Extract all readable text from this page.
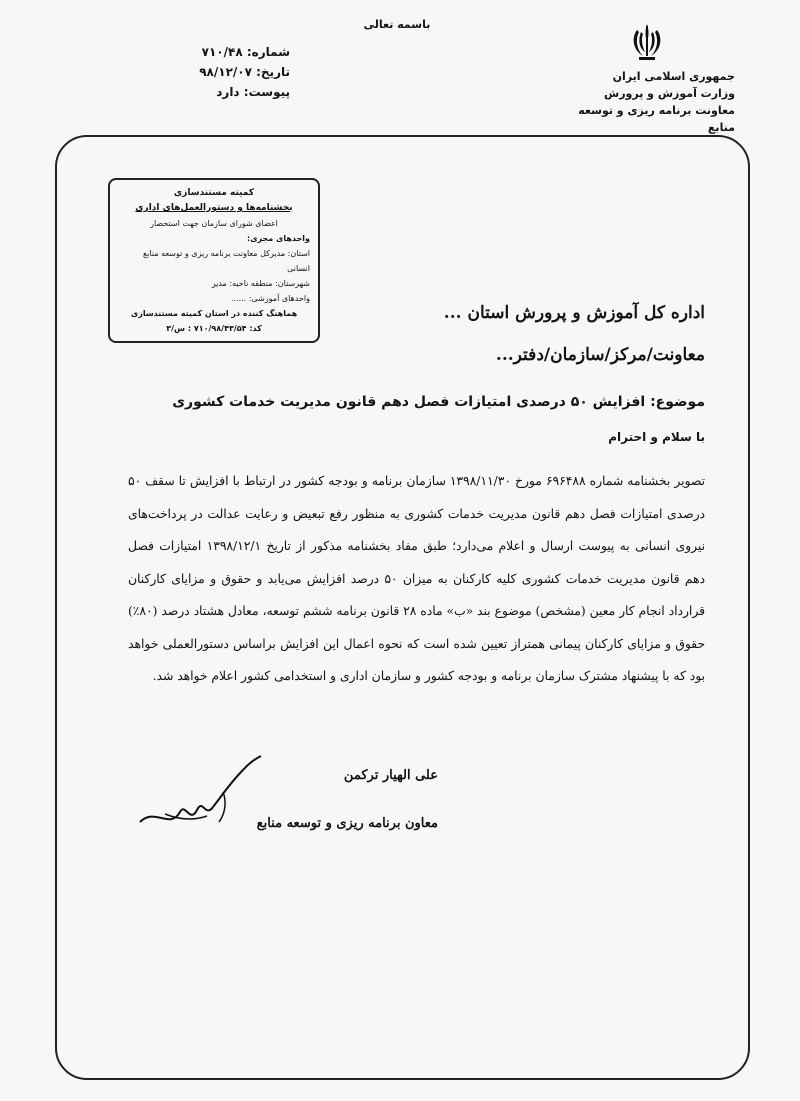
باسمه تعالی
جمهوری اسلامی ایران
وزارت آموزش و پرورش
معاونت برنامه ریزی و توسعه منابع
شماره: ۷۱۰/۴۸
تاریخ: ۹۸/۱۲/۰۷
پیوست: دارد
کمیته مستندسازی
بخشنامه‌ها و دستورالعمل‌های اداری
اعضای شورای سازمان جهت استحضار
واحدهای مجری:
استان: مدیرکل معاونت برنامه ریزی و توسعه منابع انسانی
شهرستان: منطقه ناحیه: مدیر
واحدهای آموزشی: ......
هماهنگ کننده در استان کمیته مستندسازی
کد: ۷۱۰/۹۸/۴۳/۵۴ : س/۳
اداره کل آموزش و پرورش استان ...
معاونت/مرکز/سازمان/دفتر...
موضوع: افزایش ۵۰ درصدی امتیازات فصل دهم قانون مدیریت خدمات کشوری
با سلام و احترام
تصویر بخشنامه شماره ۶۹۶۴۸۸ مورخ ۱۳۹۸/۱۱/۳۰ سازمان برنامه و بودجه کشور در ارتباط با افزایش تا سقف ۵۰ درصدی امتیازات فصل دهم قانون مدیریت خدمات کشوری به منظور رفع تبعیض و رعایت عدالت در پرداخت‌های نیروی انسانی به پیوست ارسال و اعلام می‌دارد؛ طبق مفاد بخشنامه مذکور از تاریخ ۱۳۹۸/۱۲/۱ امتیازات فصل دهم قانون مدیریت خدمات کشوری کلیه کارکنان به میزان ۵۰ درصد افزایش می‌یابد و حقوق و مزایای کارکنان قرارداد انجام کار معین (مشخص) موضوع بند «ب» ماده ۲۸ قانون برنامه ششم توسعه، معادل هشتاد درصد (۸۰٪) حقوق و مزایای کارکنان پیمانی همتراز تعیین شده است که نحوه اعمال این افزایش براساس دستورالعملی خواهد بود که با پیشنهاد مشترک سازمان برنامه و بودجه کشور و سازمان اداری و استخدامی کشور اعلام خواهد شد.
علی الهیار ترکمن
معاون برنامه ریزی و توسعه منابع
